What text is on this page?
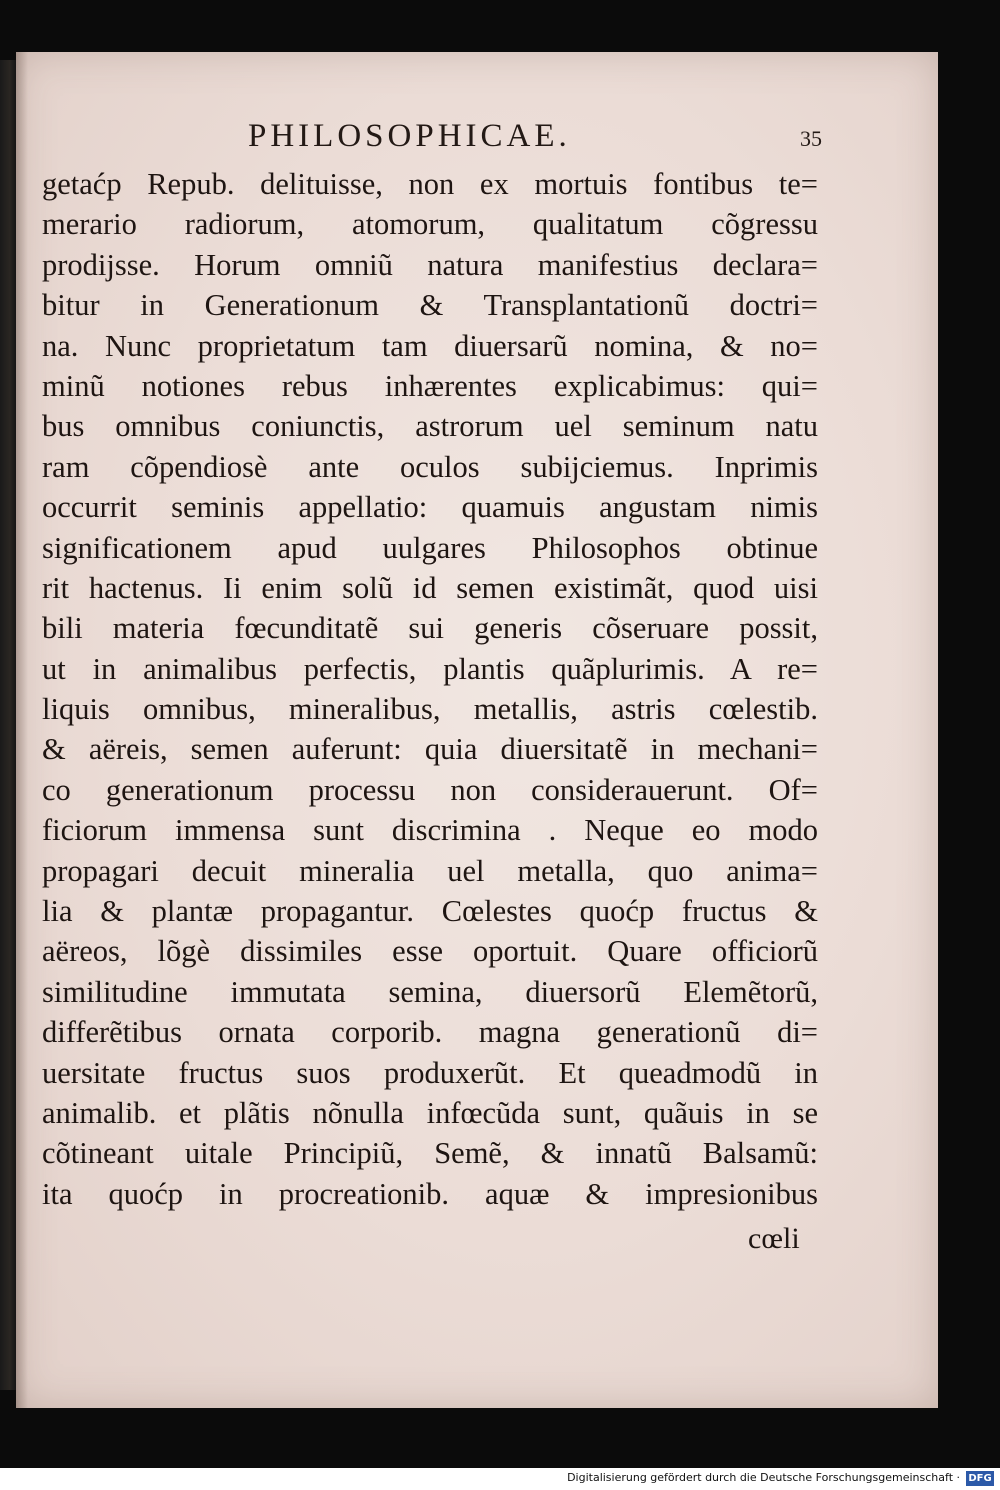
PHILOSOPHICAE.	35
getaćp Repub. delituisse, non ex mortuis fontibus te=
merario radiorum, atomorum, qualitatum cõgressu
prodijsse. Horum omniũ natura manifestius declara=
bitur in Generationum & Transplantationũ doctri=
na. Nunc proprietatum tam diuersarũ nomina, & no=
minũ notiones rebus inhærentes explicabimus: qui=
bus omnibus coniunctis, astrorum uel seminum natu
ram cõpendiosè ante oculos subijciemus. Inprimis
occurrit seminis appellatio: quamuis angustam nimis
significationem apud uulgares Philosophos obtinue
rit hactenus. Ii enim solũ id semen existimãt, quod uisi
bili materia fœcunditatẽ sui generis cõseruare possit,
ut in animalibus perfectis, plantis quãplurimis. A re=
liquis omnibus, mineralibus, metallis, astris cœlestib.
& aëreis, semen auferunt: quia diuersitatẽ in mechani=
co generationum processu non considerauerunt. Of=
ficiorum immensa sunt discrimina . Neque eo modo
propagari decuit mineralia uel metalla, quo anima=
lia & plantæ propagantur. Cœlestes quoćp fructus &
aëreos, lõgè dissimiles esse oportuit. Quare officiorũ
similitudine immutata semina, diuersorũ Elemẽtorũ,
differẽtibus ornata corporib. magna generationũ di=
uersitate fructus suos produxerũt. Et queadmodũ in
animalib. et plãtis nõnulla infœcũda sunt, quãuis in se
cõtineant uitale Principiũ, Semẽ, & innatũ Balsamũ:
ita quoćp in procreationib. aquæ & impresionibus
cœli
Digitalisierung gefördert durch die Deutsche Forschungsgemeinschaft · DFG
